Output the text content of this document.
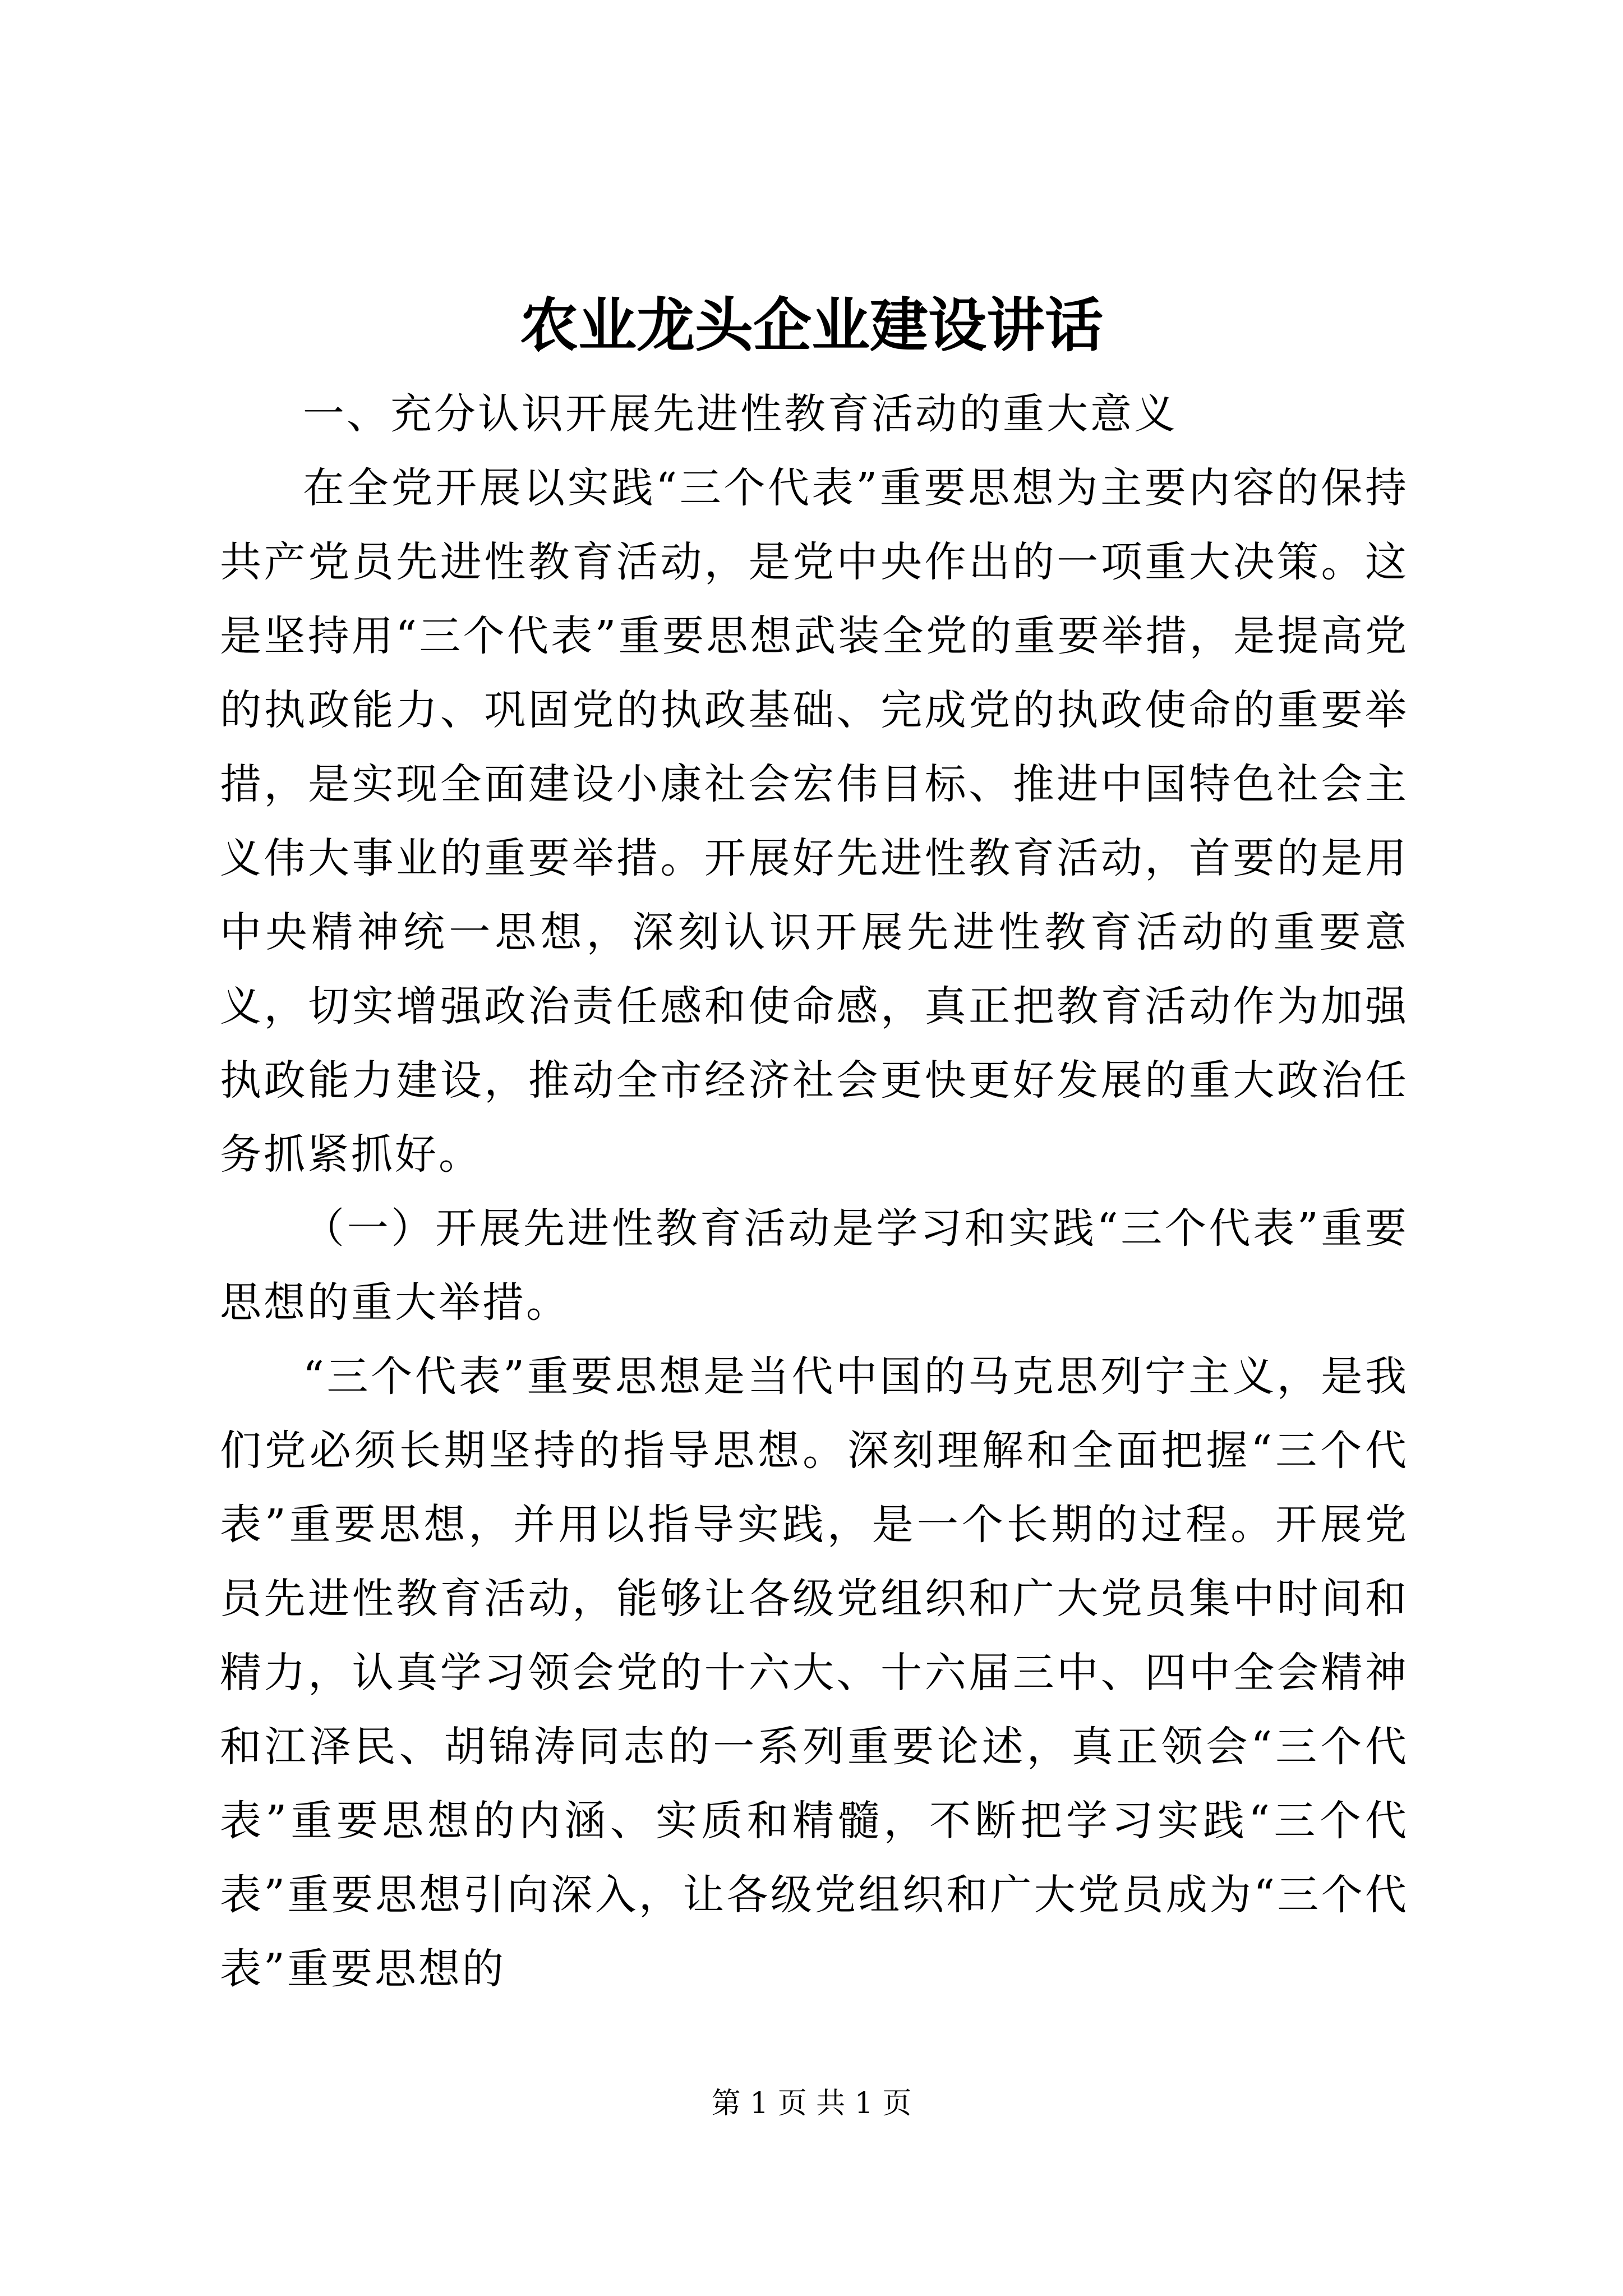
农业龙头企业建设讲话

一、充分认识开展先进性教育活动的重大意义

在全党开展以实践“三个代表”重要思想为主要内容的保持共产党员先进性教育活动，是党中央作出的一项重大决策。这是坚持用“三个代表”重要思想武装全党的重要举措，是提高党的执政能力、巩固党的执政基础、完成党的执政使命的重要举措，是实现全面建设小康社会宏伟目标、推进中国特色社会主义伟大事业的重要举措。开展好先进性教育活动，首要的是用中央精神统一思想，深刻认识开展先进性教育活动的重要意义，切实增强政治责任感和使命感，真正把教育活动作为加强执政能力建设，推动全市经济社会更快更好发展的重大政治任务抓紧抓好。

（一）开展先进性教育活动是学习和实践“三个代表”重要思想的重大举措。

“三个代表”重要思想是当代中国的马克思列宁主义，是我们党必须长期坚持的指导思想。深刻理解和全面把握“三个代表”重要思想，并用以指导实践，是一个长期的过程。开展党员先进性教育活动，能够让各级党组织和广大党员集中时间和精力，认真学习领会党的十六大、十六届三中、四中全会精神和江泽民、胡锦涛同志的一系列重要论述，真正领会“三个代表”重要思想的内涵、实质和精髓，不断把学习实践“三个代表”重要思想引向深入，让各级党组织和广大党员成为“三个代表”重要思想的

第 1 页 共 1 页
